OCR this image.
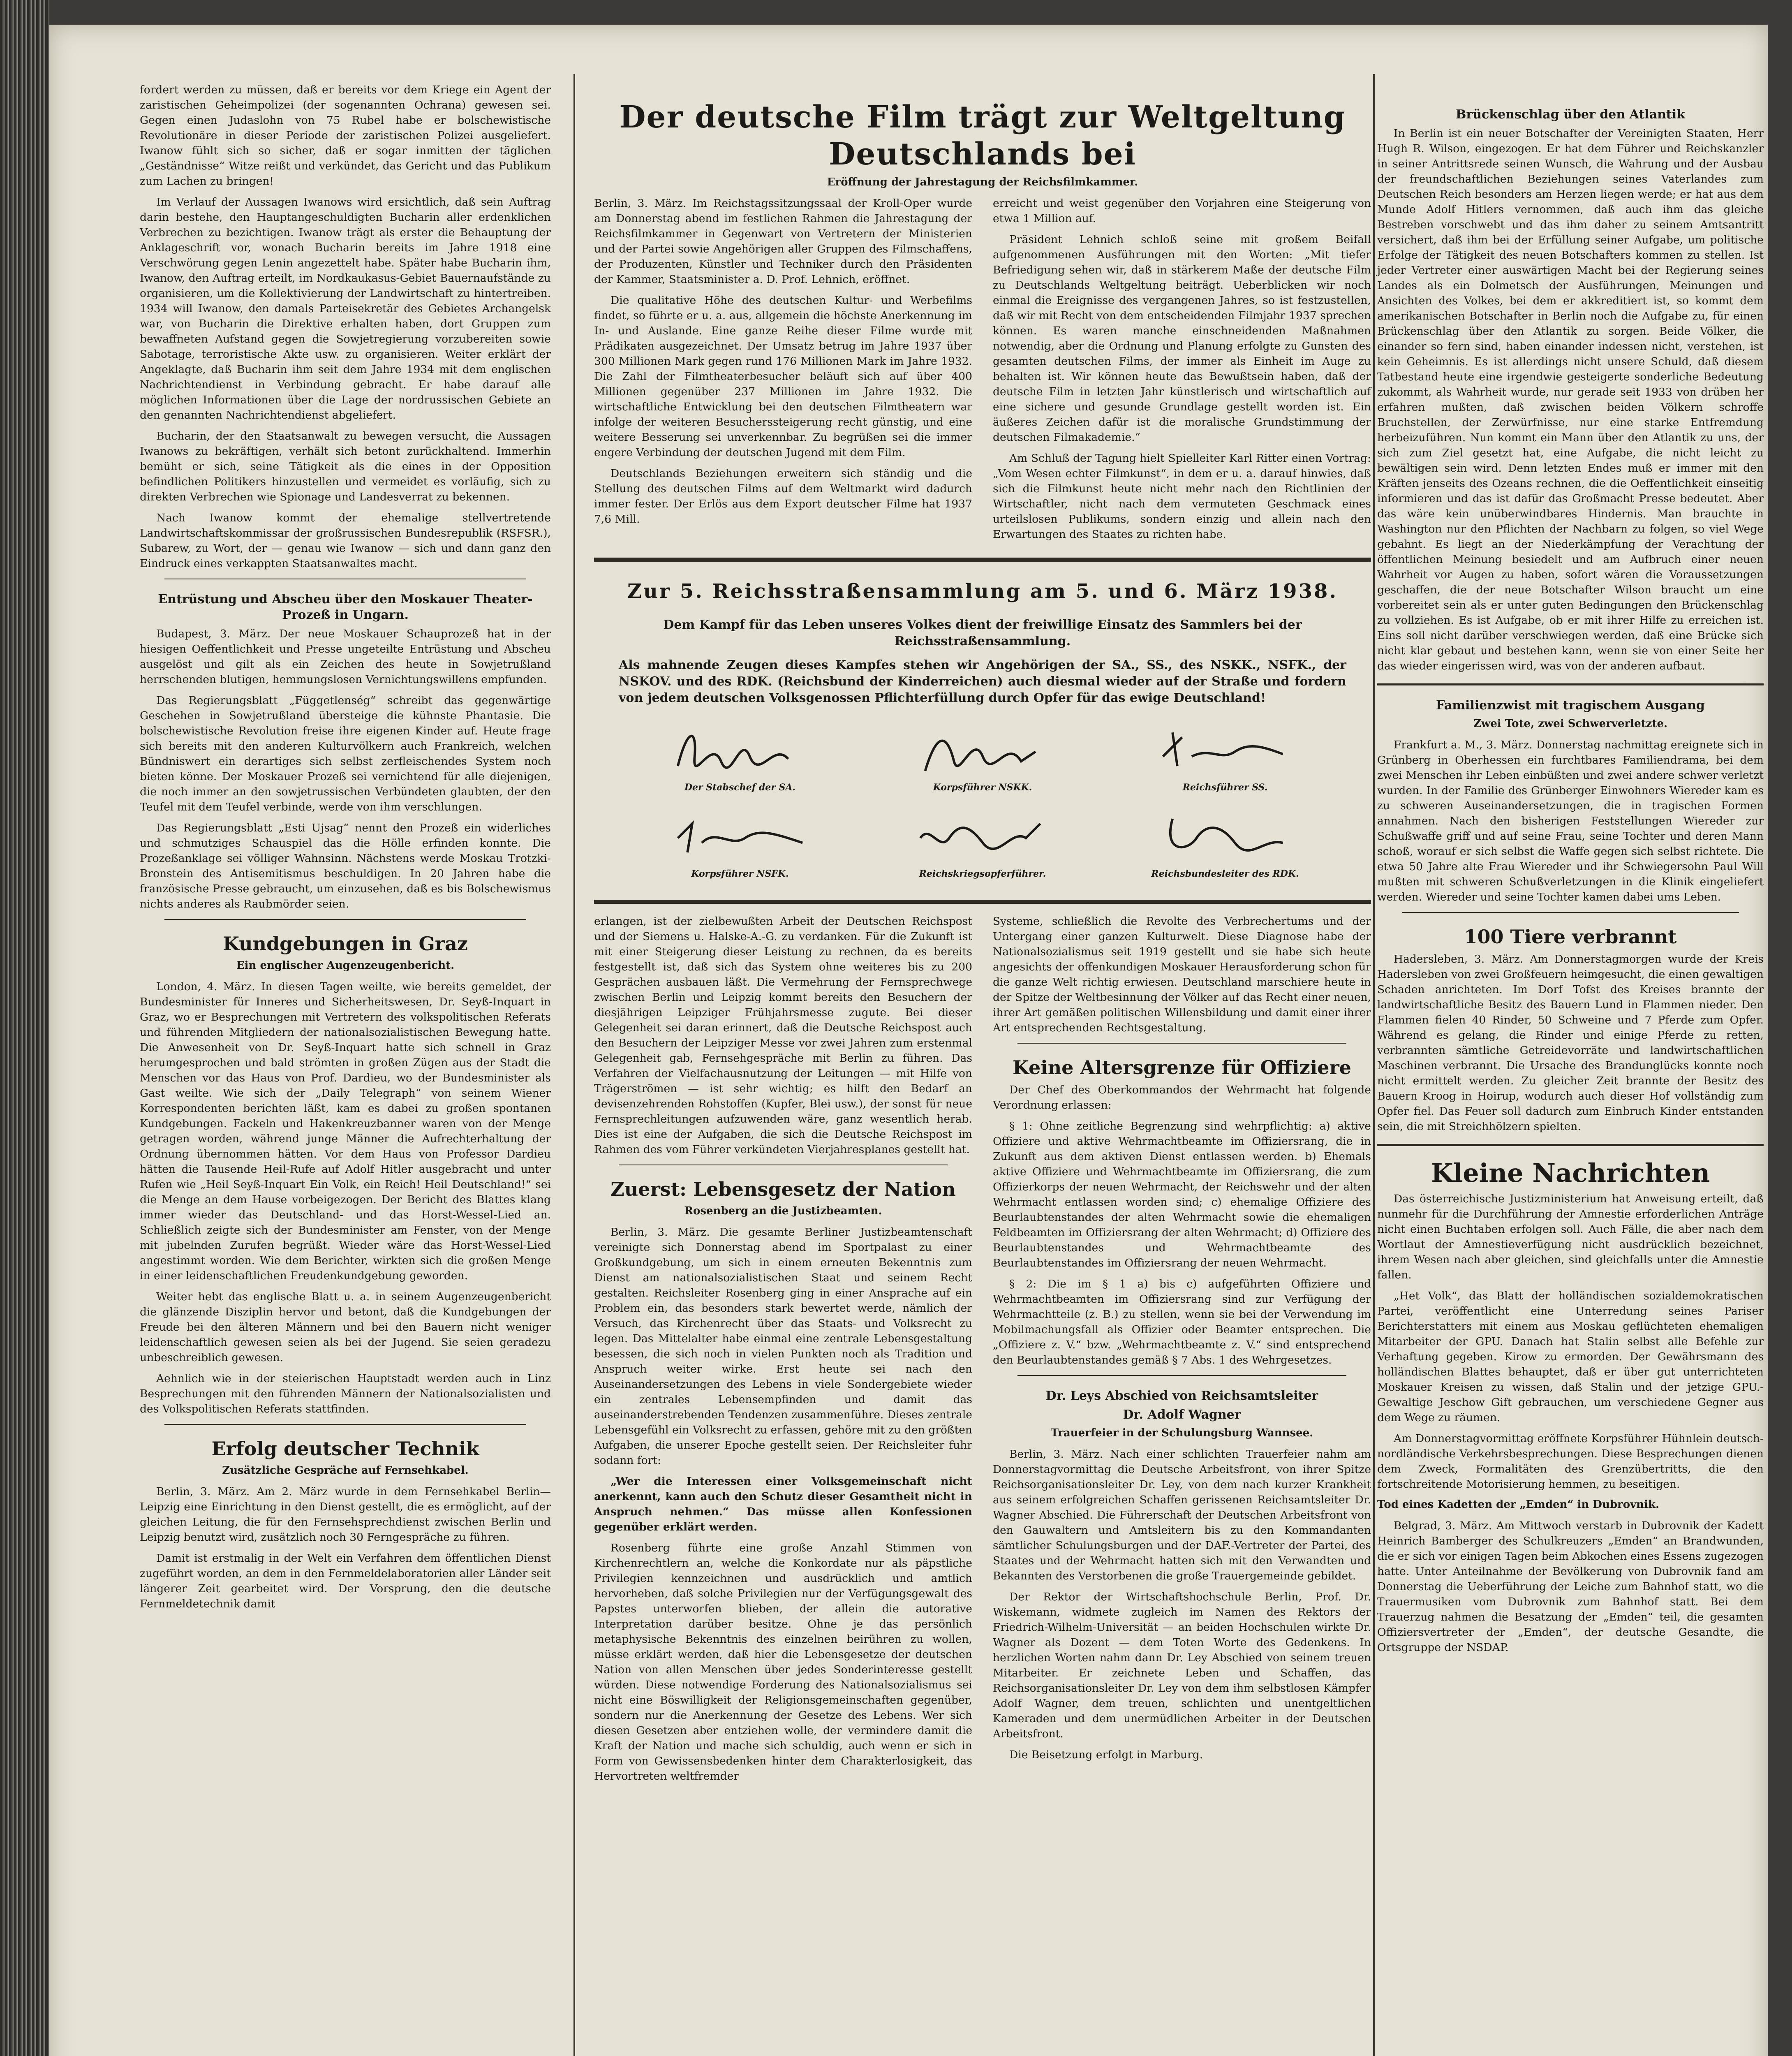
fordert werden zu müssen, daß er bereits vor dem Kriege ein Agent der zaristischen Geheimpolizei (der sogenannten Ochrana) gewesen sei. Gegen einen Judaslohn von 75 Rubel habe er bolschewistische Revolutionäre in dieser Periode der zaristischen Polizei ausgeliefert. Iwanow fühlt sich so sicher, daß er sogar inmitten der täglichen „Geständnisse“ Witze reißt und verkündet, das Gericht und das Publikum zum Lachen zu bringen!

Im Verlauf der Aussagen Iwanows wird ersichtlich, daß sein Auftrag darin bestehe, den Hauptangeschuldigten Bucharin aller erdenklichen Verbrechen zu bezichtigen. Iwanow trägt als erster die Behauptung der Anklageschrift vor, wonach Bucharin bereits im Jahre 1918 eine Verschwörung gegen Lenin angezettelt habe. Später habe Bucharin ihm, Iwanow, den Auftrag erteilt, im Nordkaukasus-Gebiet Bauernaufstände zu organisieren, um die Kollektivierung der Landwirtschaft zu hintertreiben. 1934 will Iwanow, den damals Parteisekretär des Gebietes Archangelsk war, von Bucharin die Direktive erhalten haben, dort Gruppen zum bewaffneten Aufstand gegen die Sowjetregierung vorzubereiten sowie Sabotage, terroristische Akte usw. zu organisieren. Weiter erklärt der Angeklagte, daß Bucharin ihm seit dem Jahre 1934 mit dem englischen Nachrichtendienst in Verbindung gebracht. Er habe darauf alle möglichen Informationen über die Lage der nordrussischen Gebiete an den genannten Nachrichtendienst abgeliefert.

Bucharin, der den Staatsanwalt zu bewegen versucht, die Aussagen Iwanows zu bekräftigen, verhält sich betont zurückhaltend. Immerhin bemüht er sich, seine Tätigkeit als die eines in der Opposition befindlichen Politikers hinzustellen und vermeidet es vorläufig, sich zu direkten Verbrechen wie Spionage und Landesverrat zu bekennen.

Nach Iwanow kommt der ehemalige stellvertretende Landwirtschaftskommissar der großrussischen Bundesrepublik (RSFSR.), Subarew, zu Wort, der — genau wie Iwanow — sich und dann ganz den Eindruck eines verkappten Staatsanwaltes macht.

Entrüstung und Abscheu über den Moskauer Theater-Prozeß in Ungarn.

Budapest, 3. März. Der neue Moskauer Schauprozeß hat in der hiesigen Oeffentlichkeit und Presse ungeteilte Entrüstung und Abscheu ausgelöst und gilt als ein Zeichen des heute in Sowjetrußland herrschenden blutigen, hemmungslosen Vernichtungswillens empfunden.

Das Regierungsblatt „Függetlenség“ schreibt das gegenwärtige Geschehen in Sowjetrußland übersteige die kühnste Phantasie. Die bolschewistische Revolution freise ihre eigenen Kinder auf. Heute frage sich bereits mit den anderen Kulturvölkern auch Frankreich, welchen Bündniswert ein derartiges sich selbst zerfleischendes System noch bieten könne. Der Moskauer Prozeß sei vernichtend für alle diejenigen, die noch immer an den sowjetrussischen Verbündeten glaubten, der den Teufel mit dem Teufel verbinde, werde von ihm verschlungen.

Das Regierungsblatt „Esti Ujsag“ nennt den Prozeß ein widerliches und schmutziges Schauspiel das die Hölle erfinden konnte. Die Prozeßanklage sei völliger Wahnsinn. Nächstens werde Moskau Trotzki-Bronstein des Antisemitismus beschuldigen. In 20 Jahren habe die französische Presse gebraucht, um einzusehen, daß es bis Bolschewismus nichts anderes als Raubmörder seien.

Kundgebungen in Graz
Ein englischer Augenzeugenbericht.

London, 4. März. In diesen Tagen weilte, wie bereits gemeldet, der Bundesminister für Inneres und Sicherheitswesen, Dr. Seyß-Inquart in Graz, wo er Besprechungen mit Vertretern des volkspolitischen Referats und führenden Mitgliedern der nationalsozialistischen Bewegung hatte. Die Anwesenheit von Dr. Seyß-Inquart hatte sich schnell in Graz herumgesprochen und bald strömten in großen Zügen aus der Stadt die Menschen vor das Haus von Prof. Dardieu, wo der Bundesminister als Gast weilte. Wie sich der „Daily Telegraph“ von seinem Wiener Korrespondenten berichten läßt, kam es dabei zu großen spontanen Kundgebungen. Fackeln und Hakenkreuzbanner waren von der Menge getragen worden, während junge Männer die Aufrechterhaltung der Ordnung übernommen hätten. Vor dem Haus von Professor Dardieu hätten die Tausende Heil-Rufe auf Adolf Hitler ausgebracht und unter Rufen wie „Heil Seyß-Inquart Ein Volk, ein Reich! Heil Deutschland!“ sei die Menge an dem Hause vorbeigezogen. Der Bericht des Blattes klang immer wieder das Deutschland- und das Horst-Wessel-Lied an. Schließlich zeigte sich der Bundesminister am Fenster, von der Menge mit jubelnden Zurufen begrüßt. Wieder wäre das Horst-Wessel-Lied angestimmt worden. Wie dem Berichter, wirkten sich die großen Menge in einer leidenschaftlichen Freudenkundgebung geworden.

Weiter hebt das englische Blatt u. a. in seinem Augenzeugenbericht die glänzende Disziplin hervor und betont, daß die Kundgebungen der Freude bei den älteren Männern und bei den Bauern nicht weniger leidenschaftlich gewesen seien als bei der Jugend. Sie seien geradezu unbeschreiblich gewesen.

Aehnlich wie in der steierischen Hauptstadt werden auch in Linz Besprechungen mit den führenden Männern der Nationalsozialisten und des Volkspolitischen Referats stattfinden.

Erfolg deutscher Technik
Zusätzliche Gespräche auf Fernsehkabel.

Berlin, 3. März. Am 2. März wurde in dem Fernsehkabel Berlin—Leipzig eine Einrichtung in den Dienst gestellt, die es ermöglicht, auf der gleichen Leitung, die für den Fernsehsprechdienst zwischen Berlin und Leipzig benutzt wird, zusätzlich noch 30 Ferngespräche zu führen.

Damit ist erstmalig in der Welt ein Verfahren dem öffentlichen Dienst zugeführt worden, an dem in den Fernmeldelaboratorien aller Länder seit längerer Zeit gearbeitet wird. Der Vorsprung, den die deutsche Fernmeldetechnik damit

Der deutsche Film trägt zur Weltgeltung Deutschlands bei
Eröffnung der Jahrestagung der Reichsfilmkammer.

Berlin, 3. März. Im Reichstagssitzungssaal der Kroll-Oper wurde am Donnerstag abend im festlichen Rahmen die Jahrestagung der Reichsfilmkammer in Gegenwart von Vertretern der Ministerien und der Partei sowie Angehörigen aller Gruppen des Filmschaffens, der Produzenten, Künstler und Techniker durch den Präsidenten der Kammer, Staatsminister a. D. Prof. Lehnich, eröffnet.

Die qualitative Höhe des deutschen Kultur- und Werbefilms findet, so führte er u. a. aus, allgemein die höchste Anerkennung im In- und Auslande. Eine ganze Reihe dieser Filme wurde mit Prädikaten ausgezeichnet. Der Umsatz betrug im Jahre 1937 über 300 Millionen Mark gegen rund 176 Millionen Mark im Jahre 1932. Die Zahl der Filmtheaterbesucher beläuft sich auf über 400 Millionen gegenüber 237 Millionen im Jahre 1932. Die wirtschaftliche Entwicklung bei den deutschen Filmtheatern war infolge der weiteren Besucherssteigerung recht günstig, und eine weitere Besserung sei unverkennbar. Zu begrüßen sei die immer engere Verbindung der deutschen Jugend mit dem Film.

Deutschlands Beziehungen erweitern sich ständig und die Stellung des deutschen Films auf dem Weltmarkt wird dadurch immer fester. Der Erlös aus dem Export deutscher Filme hat 1937 7,6 Mill.

erreicht und weist gegenüber den Vorjahren eine Steigerung von etwa 1 Million auf.

Präsident Lehnich schloß seine mit großem Beifall aufgenommenen Ausführungen mit den Worten: „Mit tiefer Befriedigung sehen wir, daß in stärkerem Maße der deutsche Film zu Deutschlands Weltgeltung beiträgt. Ueberblicken wir noch einmal die Ereignisse des vergangenen Jahres, so ist festzustellen, daß wir mit Recht von dem entscheidenden Filmjahr 1937 sprechen können. Es waren manche einschneidenden Maßnahmen notwendig, aber die Ordnung und Planung erfolgte zu Gunsten des gesamten deutschen Films, der immer als Einheit im Auge zu behalten ist. Wir können heute das Bewußtsein haben, daß der deutsche Film in letzten Jahr künstlerisch und wirtschaftlich auf eine sichere und gesunde Grundlage gestellt worden ist. Ein äußeres Zeichen dafür ist die moralische Grundstimmung der deutschen Filmakademie.“

Am Schluß der Tagung hielt Spielleiter Karl Ritter einen Vortrag: „Vom Wesen echter Filmkunst“, in dem er u. a. darauf hinwies, daß sich die Filmkunst heute nicht mehr nach den Richtlinien der Wirtschaftler, nicht nach dem vermuteten Geschmack eines urteilslosen Publikums, sondern einzig und allein nach den Erwartungen des Staates zu richten habe.

Zur 5. Reichsstraßensammlung am 5. und 6. März 1938.
Dem Kampf für das Leben unseres Volkes dient der freiwillige Einsatz des Sammlers bei der Reichsstraßensammlung.
Als mahnende Zeugen dieses Kampfes stehen wir Angehörigen der SA., SS., des NSKK., NSFK., der NSKOV. und des RDK. (Reichsbund der Kinderreichen) auch diesmal wieder auf der Straße und fordern von jedem deutschen Volksgenossen Pflichterfüllung durch Opfer für das ewige Deutschland!
Der Stabschef der SA.	Korpsführer NSKK.	Reichsführer SS.
Korpsführer NSFK.	Reichskriegsopferführer.	Reichsbundesleiter des RDK.

erlangen, ist der zielbewußten Arbeit der Deutschen Reichspost und der Siemens u. Halske-A.-G. zu verdanken. Für die Zukunft ist mit einer Steigerung dieser Leistung zu rechnen, da es bereits festgestellt ist, daß sich das System ohne weiteres bis zu 200 Gesprächen ausbauen läßt. Die Vermehrung der Fernsprechwege zwischen Berlin und Leipzig kommt bereits den Besuchern der diesjährigen Leipziger Frühjahrsmesse zugute. Bei dieser Gelegenheit sei daran erinnert, daß die Deutsche Reichspost auch den Besuchern der Leipziger Messe vor zwei Jahren zum erstenmal Gelegenheit gab, Fernsehgespräche mit Berlin zu führen. Das Verfahren der Vielfachausnutzung der Leitungen — mit Hilfe von Trägerströmen — ist sehr wichtig; es hilft den Bedarf an devisenzehrenden Rohstoffen (Kupfer, Blei usw.), der sonst für neue Fernsprechleitungen aufzuwenden wäre, ganz wesentlich herab. Dies ist eine der Aufgaben, die sich die Deutsche Reichspost im Rahmen des vom Führer verkündeten Vierjahresplanes gestellt hat.

Zuerst: Lebensgesetz der Nation
Rosenberg an die Justizbeamten.

Berlin, 3. März. Die gesamte Berliner Justizbeamtenschaft vereinigte sich Donnerstag abend im Sportpalast zu einer Großkundgebung, um sich in einem erneuten Bekenntnis zum Dienst am nationalsozialistischen Staat und seinem Recht gestalten. Reichsleiter Rosenberg ging in einer Ansprache auf ein Problem ein, das besonders stark bewertet werde, nämlich der Versuch, das Kirchenrecht über das Staats- und Volksrecht zu legen. Das Mittelalter habe einmal eine zentrale Lebensgestaltung besessen, die sich noch in vielen Punkten noch als Tradition und Anspruch weiter wirke. Erst heute sei nach den Auseinandersetzungen des Lebens in viele Sondergebiete wieder ein zentrales Lebensempfinden und damit das auseinanderstrebenden Tendenzen zusammenführe. Dieses zentrale Lebensgefühl ein Volksrecht zu erfassen, gehöre mit zu den größten Aufgaben, die unserer Epoche gestellt seien. Der Reichsleiter fuhr sodann fort:

„Wer die Interessen einer Volksgemeinschaft nicht anerkennt, kann auch den Schutz dieser Gesamtheit nicht in Anspruch nehmen.“ Das müsse allen Konfessionen gegenüber erklärt werden.

Rosenberg führte eine große Anzahl Stimmen von Kirchenrechtlern an, welche die Konkordate nur als päpstliche Privilegien kennzeichnen und ausdrücklich und amtlich hervorheben, daß solche Privilegien nur der Verfügungsgewalt des Papstes unterworfen blieben, der allein die autorative Interpretation darüber besitze. Ohne je das persönlich metaphysische Bekenntnis des einzelnen beirühren zu wollen, müsse erklärt werden, daß hier die Lebensgesetze der deutschen Nation von allen Menschen über jedes Sonderinteresse gestellt würden. Diese notwendige Forderung des Nationalsozialismus sei nicht eine Böswilligkeit der Religionsgemeinschaften gegenüber, sondern nur die Anerkennung der Gesetze des Lebens. Wer sich diesen Gesetzen aber entziehen wolle, der vermindere damit die Kraft der Nation und mache sich schuldig, auch wenn er sich in Form von Gewissensbedenken hinter dem Charakterlosigkeit, das Hervortreten weltfremder

Systeme, schließlich die Revolte des Verbrechertums und der Untergang einer ganzen Kulturwelt. Diese Diagnose habe der Nationalsozialismus seit 1919 gestellt und sie habe sich heute angesichts der offenkundigen Moskauer Herausforderung schon für die ganze Welt richtig erwiesen. Deutschland marschiere heute in der Spitze der Weltbesinnung der Völker auf das Recht einer neuen, ihrer Art gemäßen politischen Willensbildung und damit einer ihrer Art entsprechenden Rechtsgestaltung.

Keine Altersgrenze für Offiziere

Der Chef des Oberkommandos der Wehrmacht hat folgende Verordnung erlassen:

§ 1: Ohne zeitliche Begrenzung sind wehrpflichtig: a) aktive Offiziere und aktive Wehrmachtbeamte im Offiziersrang, die in Zukunft aus dem aktiven Dienst entlassen werden. b) Ehemals aktive Offiziere und Wehrmachtbeamte im Offiziersrang, die zum Offizierkorps der neuen Wehrmacht, der Reichswehr und der alten Wehrmacht entlassen worden sind; c) ehemalige Offiziere des Beurlaubtenstandes der alten Wehrmacht sowie die ehemaligen Feldbeamten im Offiziersrang der alten Wehrmacht; d) Offiziere des Beurlaubtenstandes und Wehrmachtbeamte des Beurlaubtenstandes im Offiziersrang der neuen Wehrmacht.

§ 2: Die im § 1 a) bis c) aufgeführten Offiziere und Wehrmachtbeamten im Offiziersrang sind zur Verfügung der Wehrmachtteile (z. B.) zu stellen, wenn sie bei der Verwendung im Mobilmachungsfall als Offizier oder Beamter entsprechen. Die „Offiziere z. V.“ bzw. „Wehrmachtbeamte z. V.“ sind entsprechend den Beurlaubtenstandes gemäß § 7 Abs. 1 des Wehrgesetzes.

Dr. Leys Abschied von Reichsamtsleiter
Dr. Adolf Wagner
Trauerfeier in der Schulungsburg Wannsee.

Berlin, 3. März. Nach einer schlichten Trauerfeier nahm am Donnerstagvormittag die Deutsche Arbeitsfront, von ihrer Spitze Reichsorganisationsleiter Dr. Ley, von dem nach kurzer Krankheit aus seinem erfolgreichen Schaffen gerissenen Reichsamtsleiter Dr. Wagner Abschied. Die Führerschaft der Deutschen Arbeitsfront von den Gauwaltern und Amtsleitern bis zu den Kommandanten sämtlicher Schulungsburgen und der DAF.-Vertreter der Partei, des Staates und der Wehrmacht hatten sich mit den Verwandten und Bekannten des Verstorbenen die große Trauergemeinde gebildet.

Der Rektor der Wirtschaftshochschule Berlin, Prof. Dr. Wiskemann, widmete zugleich im Namen des Rektors der Friedrich-Wilhelm-Universität — an beiden Hochschulen wirkte Dr. Wagner als Dozent — dem Toten Worte des Gedenkens. In herzlichen Worten nahm dann Dr. Ley Abschied von seinem treuen Mitarbeiter. Er zeichnete Leben und Schaffen, das Reichsorganisationsleiter Dr. Ley von dem ihm selbstlosen Kämpfer Adolf Wagner, dem treuen, schlichten und unentgeltlichen Kameraden und dem unermüdlichen Arbeiter in der Deutschen Arbeitsfront.

Die Beisetzung erfolgt in Marburg.

Brückenschlag über den Atlantik

In Berlin ist ein neuer Botschafter der Vereinigten Staaten, Herr Hugh R. Wilson, eingezogen. Er hat dem Führer und Reichskanzler in seiner Antrittsrede seinen Wunsch, die Wahrung und der Ausbau der freundschaftlichen Beziehungen seines Vaterlandes zum Deutschen Reich besonders am Herzen liegen werde; er hat aus dem Munde Adolf Hitlers vernommen, daß auch ihm das gleiche Bestreben vorschwebt und das ihm daher zu seinem Amtsantritt versichert, daß ihm bei der Erfüllung seiner Aufgabe, um politische Erfolge der Tätigkeit des neuen Botschafters kommen zu stellen. Ist jeder Vertreter einer auswärtigen Macht bei der Regierung seines Landes als ein Dolmetsch der Ausführungen, Meinungen und Ansichten des Volkes, bei dem er akkreditiert ist, so kommt dem amerikanischen Botschafter in Berlin noch die Aufgabe zu, für einen Brückenschlag über den Atlantik zu sorgen. Beide Völker, die einander so fern sind, haben einander indessen nicht, verstehen, ist kein Geheimnis. Es ist allerdings nicht unsere Schuld, daß diesem Tatbestand heute eine irgendwie gesteigerte sonderliche Bedeutung zukommt, als Wahrheit wurde, nur gerade seit 1933 von drüben her erfahren mußten, daß zwischen beiden Völkern schroffe Bruchstellen, der Zerwürfnisse, nur eine starke Entfremdung herbeizuführen. Nun kommt ein Mann über den Atlantik zu uns, der sich zum Ziel gesetzt hat, eine Aufgabe, die nicht leicht zu bewältigen sein wird. Denn letzten Endes muß er immer mit den Kräften jenseits des Ozeans rechnen, die die Oeffentlichkeit einseitig informieren und das ist dafür das Großmacht Presse bedeutet. Aber das wäre kein unüberwindbares Hindernis. Man brauchte in Washington nur den Pflichten der Nachbarn zu folgen, so viel Wege gebahnt. Es liegt an der Niederkämpfung der Verachtung der öffentlichen Meinung besiedelt und am Aufbruch einer neuen Wahrheit vor Augen zu haben, sofort wären die Voraussetzungen geschaffen, die der neue Botschafter Wilson braucht um eine vorbereitet sein als er unter guten Bedingungen den Brückenschlag zu vollziehen. Es ist Aufgabe, ob er mit ihrer Hilfe zu erreichen ist. Eins soll nicht darüber verschwiegen werden, daß eine Brücke sich nicht klar gebaut und bestehen kann, wenn sie von einer Seite her das wieder eingerissen wird, was von der anderen aufbaut.

Familienzwist mit tragischem Ausgang
Zwei Tote, zwei Schwerverletzte.

Frankfurt a. M., 3. März. Donnerstag nachmittag ereignete sich in Grünberg in Oberhessen ein furchtbares Familiendrama, bei dem zwei Menschen ihr Leben einbüßten und zwei andere schwer verletzt wurden. In der Familie des Grünberger Einwohners Wiereder kam es zu schweren Auseinandersetzungen, die in tragischen Formen annahmen. Nach den bisherigen Feststellungen Wiereder zur Schußwaffe griff und auf seine Frau, seine Tochter und deren Mann schoß, worauf er sich selbst die Waffe gegen sich selbst richtete. Die etwa 50 Jahre alte Frau Wiereder und ihr Schwiegersohn Paul Will mußten mit schweren Schußverletzungen in die Klinik eingeliefert werden. Wiereder und seine Tochter kamen dabei ums Leben.

100 Tiere verbrannt

Hadersleben, 3. März. Am Donnerstagmorgen wurde der Kreis Hadersleben von zwei Großfeuern heimgesucht, die einen gewaltigen Schaden anrichteten. Im Dorf Tofst des Kreises brannte der landwirtschaftliche Besitz des Bauern Lund in Flammen nieder. Den Flammen fielen 40 Rinder, 50 Schweine und 7 Pferde zum Opfer. Während es gelang, die Rinder und einige Pferde zu retten, verbrannten sämtliche Getreidevorräte und landwirtschaftlichen Maschinen verbrannt. Die Ursache des Brandunglücks konnte noch nicht ermittelt werden. Zu gleicher Zeit brannte der Besitz des Bauern Kroog in Hoirup, wodurch auch dieser Hof vollständig zum Opfer fiel. Das Feuer soll dadurch zum Einbruch Kinder entstanden sein, die mit Streichhölzern spielten.

Kleine Nachrichten

Das österreichische Justizministerium hat Anweisung erteilt, daß nunmehr für die Durchführung der Amnestie erforderlichen Anträge nicht einen Buchtaben erfolgen soll. Auch Fälle, die aber nach dem Wortlaut der Amnestieverfügung nicht ausdrücklich bezeichnet, ihrem Wesen nach aber gleichen, sind gleichfalls unter die Amnestie fallen.

„Het Volk“, das Blatt der holländischen sozialdemokratischen Partei, veröffentlicht eine Unterredung seines Pariser Berichterstatters mit einem aus Moskau geflüchteten ehemaligen Mitarbeiter der GPU. Danach hat Stalin selbst alle Befehle zur Verhaftung gegeben. Kirow zu ermorden. Der Gewährsmann des holländischen Blattes behauptet, daß er über gut unterrichteten Moskauer Kreisen zu wissen, daß Stalin und der jetzige GPU.-Gewaltige Jeschow Gift gebrauchen, um verschiedene Gegner aus dem Wege zu räumen.

Am Donnerstagvormittag eröffnete Korpsführer Hühnlein deutsch-nordländische Verkehrsbesprechungen. Diese Besprechungen dienen dem Zweck, Formalitäten des Grenzübertritts, die den fortschreitende Motorisierung hemmen, zu beseitigen.

Tod eines Kadetten der „Emden“ in Dubrovnik.

Belgrad, 3. März. Am Mittwoch verstarb in Dubrovnik der Kadett Heinrich Bamberger des Schulkreuzers „Emden“ an Brandwunden, die er sich vor einigen Tagen beim Abkochen eines Essens zugezogen hatte. Unter Anteilnahme der Bevölkerung von Dubrovnik fand am Donnerstag die Ueberführung der Leiche zum Bahnhof statt, wo die Trauermusiken vom Dubrovnik zum Bahnhof statt. Bei dem Trauerzug nahmen die Besatzung der „Emden“ teil, die gesamten Offiziersvertreter der „Emden“, der deutsche Gesandte, die Ortsgruppe der NSDAP.
